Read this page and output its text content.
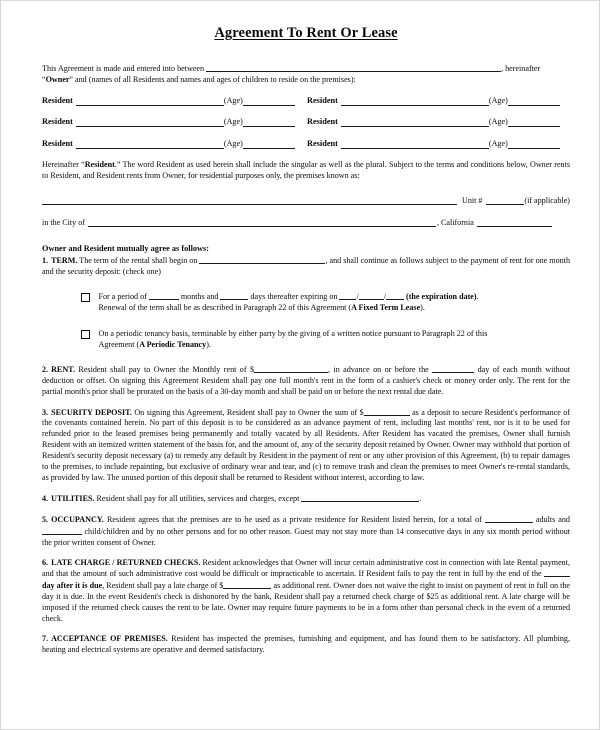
Agreement To Rent Or Lease

This Agreement is made and entered into between	, hereinafter
“Owner” and (names of all Residents and names and ages of children to reside on the premises):

Resident	(Age)	Resident	(Age)
Resident	(Age)	Resident	(Age)
Resident	(Age)	Resident	(Age)

Hereinafter “Resident.” The word Resident as used herein shall include the singular as well as the plural. Subject to the terms and conditions below, Owner rents to Resident, and Resident rents from Owner, for residential purposes only, the premises known as:

Unit #	(if applicable)
in the City of	, California

Owner and Resident mutually agree as follows:

1. TERM. The term of the rental shall begin on	, and shall continue as follows subject to the payment of rent for one month and the security deposit: (check one)

For a period of	months and	days thereafter expiring on /	/ (the expiration date).
Renewal of the term shall be as described in Paragraph 22 of this Agreement (A Fixed Term Lease).
On a periodic tenancy basis, terminable by either party by the giving of a written notice pursuant to Paragraph 22 of this
Agreement (A Periodic Tenancy).

2. RENT. Resident shall pay to Owner the Monthly rent of $	, in advance on or before the	day of each month without deduction or offset. On signing this Agreement Resident shall pay one full month's rent in the form of a cashier's check or money order only. The rent for the partial month's prior shall be prorated on the basis of a 30-day month and shall be paid on or before the next rental due date.

3. SECURITY DEPOSIT. On signing this Agreement, Resident shall pay to Owner the sum of $	as a deposit to secure Resident's performance of the covenants contained herein. No part of this deposit is to be considered as an advance payment of rent, including last months' rent, nor is it to be used for refunded prior to the leased premises being permanently and totally vacated by all Residents. After Resident has vacated the premises, Owner shall furnish Resident with an itemized written statement of the basis for, and the amount of, any of the security deposit retained by Owner. Owner may withhold that portion of Resident's security deposit necessary (a) to remedy any default by Resident in the payment of rent or any other provision of this Agreement, (b) to repair damages to the premises, to include repainting, but exclusive of ordinary wear and tear, and (c) to remove trash and clean the premises to meet Owner's re-rental standards, as provided by law. The unused portion of this deposit shall be returned to Resident without interest, according to law.

4. UTILITIES. Resident shall pay for all utilities, services and charges, except	.

5. OCCUPANCY. Resident agrees that the premises are to be used as a private residence for Resident listed herein, for a total of	adults and  child/children and by no other persons and for no other reason. Guest may not stay more than 14 consecutive days in any six month period without the prior written consent of Owner.

6. LATE CHARGE / RETURNED CHECKS. Resident acknowledges that Owner will incur certain administrative cost in connection with late Rental payment, and that the amount of such administrative cost would be difficult or impracticable to ascertain. If Resident fails to pay the rent in full by the end of the  day after it is due, Resident shall pay a late charge of $	as additional rent. Owner does not waive the right to insist on payment of rent in full on the day it is due. In the event Resident's check is dishonored by the bank, Resident shall pay a returned check charge of $25 as additional rent. A late charge will be imposed if the returned check causes the rent to be late. Owner may require future payments to be in a form other than personal check in the event of a returned check.

7. ACCEPTANCE OF PREMISES. Resident has inspected the premises, furnishing and equipment, and has found them to be satisfactory. All plumbing, heating and electrical systems are operative and deemed satisfactory.
